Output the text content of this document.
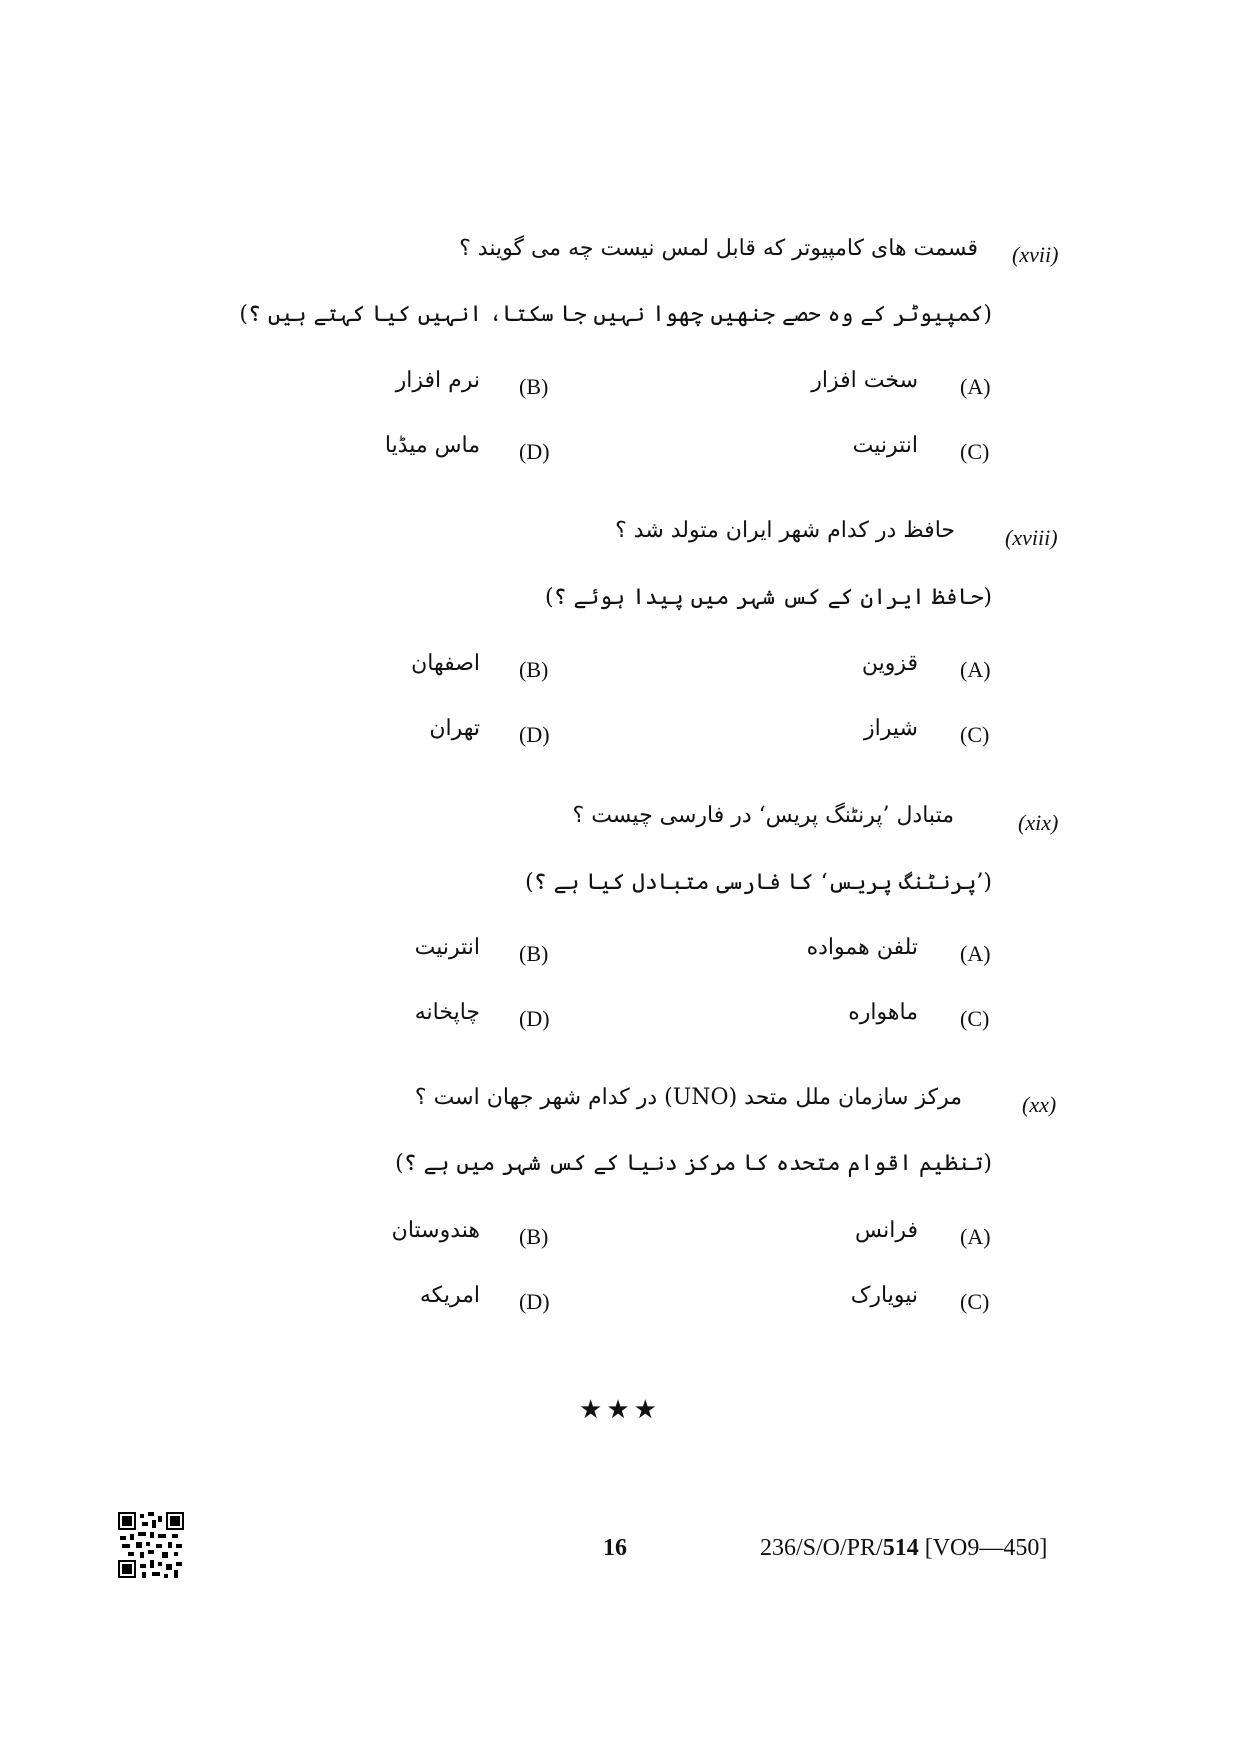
(xvii)
قسمت های کامپیوتر که قابل لمس نیست چه می گویند ؟
(کمپیوٹر کے وہ حصے جنھیں چھوا نہیں جا سکتا، انہیں کیا کہتے ہیں ؟)
(A)
سخت افزار
(B)
نرم افزار
(C)
انترنیت
(D)
ماس میڈیا
(xviii)
حافظ در کدام شهر ایران متولد شد ؟
(حافظ ایران کے کس شہر میں پیدا ہوئے ؟)
(A)
قزوین
(B)
اصفهان
(C)
شیراز
(D)
تهران
(xix)
متبادل ’پرنٹنگ پریس‘ در فارسی چیست ؟
(’پرنٹنگ پریس‘ کا فارسی متبادل کیا ہے ؟)
(A)
تلفن همواده
(B)
انترنیت
(C)
ماهواره
(D)
چاپخانه
(xx)
مرکز سازمان ملل متحد (UNO) در کدام شهر جهان است ؟
(تنظیم اقوام متحدہ کا مرکز دنیا کے کس شہر میں ہے ؟)
(A)
فرانس
(B)
هندوستان
(C)
نیویارک
(D)
امریکه
★★★
16	236/S/O/PR/514 [VO9—450]
